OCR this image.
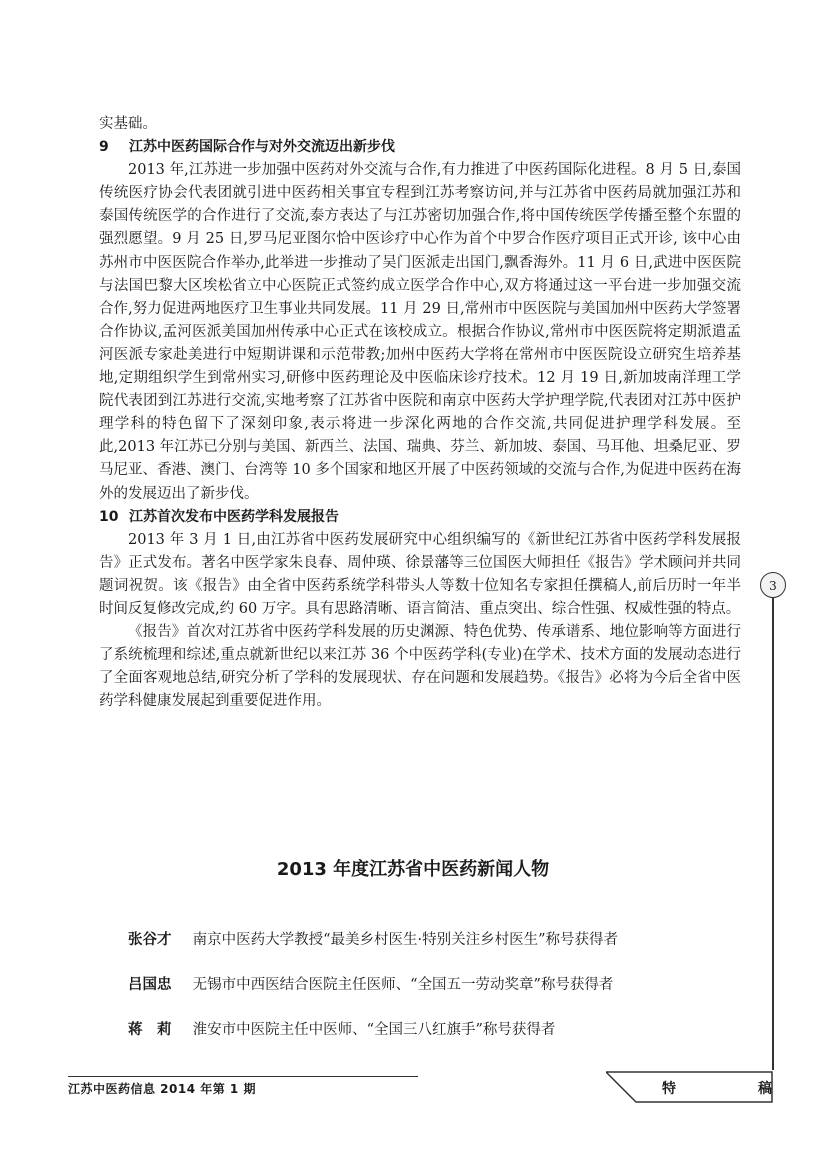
实基础。

9 江苏中医药国际合作与对外交流迈出新步伐

2013 年,江苏进一步加强中医药对外交流与合作,有力推进了中医药国际化进程。8 月 5 日,泰国传统医疗协会代表团就引进中医药相关事宜专程到江苏考察访问,并与江苏省中医药局就加强江苏和泰国传统医学的合作进行了交流,泰方表达了与江苏密切加强合作,将中国传统医学传播至整个东盟的强烈愿望。9 月 25 日,罗马尼亚图尔恰中医诊疗中心作为首个中罗合作医疗项目正式开诊, 该中心由苏州市中医医院合作举办,此举进一步推动了吴门医派走出国门,飘香海外。11 月 6 日,武进中医医院与法国巴黎大区埃松省立中心医院正式签约成立医学合作中心,双方将通过这一平台进一步加强交流合作,努力促进两地医疗卫生事业共同发展。11 月 29 日,常州市中医医院与美国加州中医药大学签署合作协议,孟河医派美国加州传承中心正式在该校成立。根据合作协议,常州市中医医院将定期派遣孟河医派专家赴美进行中短期讲课和示范带教;加州中医药大学将在常州市中医医院设立研究生培养基地,定期组织学生到常州实习,研修中医药理论及中医临床诊疗技术。12 月 19 日,新加坡南洋理工学院代表团到江苏进行交流,实地考察了江苏省中医院和南京中医药大学护理学院,代表团对江苏中医护理学科的特色留下了深刻印象,表示将进一步深化两地的合作交流,共同促进护理学科发展。至此,2013 年江苏已分别与美国、新西兰、法国、瑞典、芬兰、新加坡、泰国、马耳他、坦桑尼亚、罗马尼亚、香港、澳门、台湾等 10 多个国家和地区开展了中医药领域的交流与合作,为促进中医药在海外的发展迈出了新步伐。

10 江苏首次发布中医药学科发展报告

2013 年 3 月 1 日,由江苏省中医药发展研究中心组织编写的《新世纪江苏省中医药学科发展报告》正式发布。著名中医学家朱良春、周仲瑛、徐景藩等三位国医大师担任《报告》学术顾问并共同题词祝贺。该《报告》由全省中医药系统学科带头人等数十位知名专家担任撰稿人,前后历时一年半时间反复修改完成,约 60 万字。具有思路清晰、语言简洁、重点突出、综合性强、权威性强的特点。

《报告》首次对江苏省中医药学科发展的历史渊源、特色优势、传承谱系、地位影响等方面进行了系统梳理和综述,重点就新世纪以来江苏 36 个中医药学科(专业)在学术、技术方面的发展动态进行了全面客观地总结,研究分析了学科的发展现状、存在问题和发展趋势。《报告》必将为今后全省中医药学科健康发展起到重要促进作用。

2013 年度江苏省中医药新闻人物
张谷才 南京中医药大学教授“最美乡村医生·特别关注乡村医生”称号获得者
吕国忠 无锡市中西医结合医院主任医师、“全国五一劳动奖章”称号获得者
蒋　莉 淮安市中医院主任中医师、“全国三八红旗手”称号获得者
3
江苏中医药信息 2014 年第 1 期	特	稿
